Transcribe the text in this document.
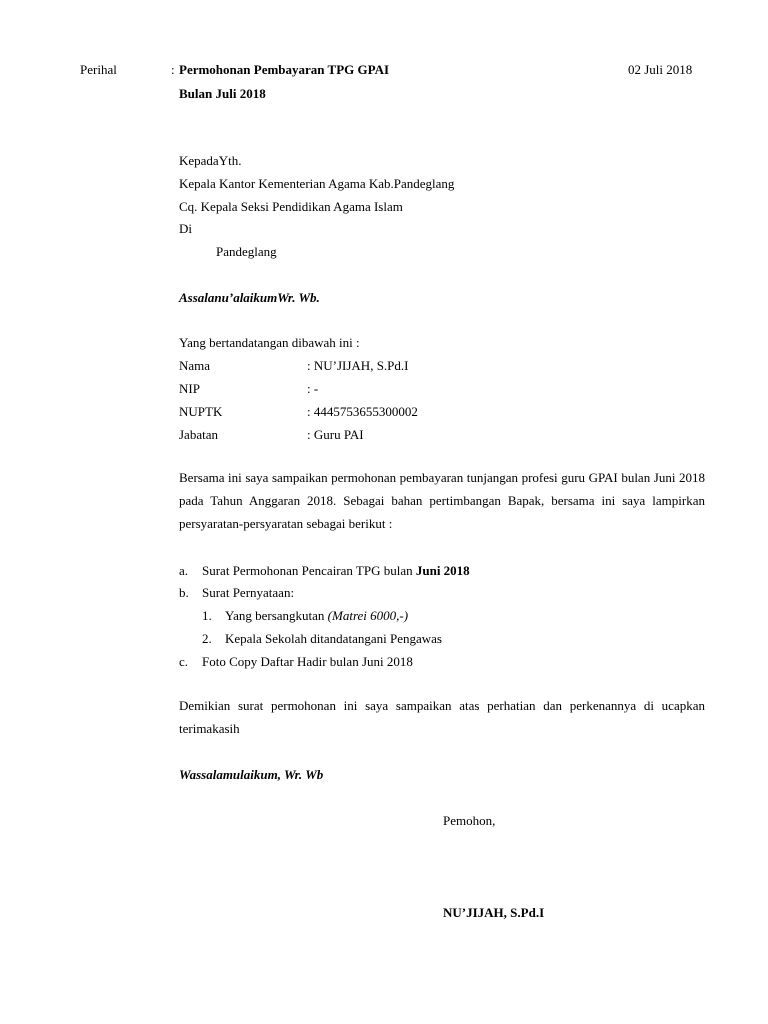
Perihal	: Permohonan Pembayaran TPG GPAI
Bulan Juli 2018
02 Juli 2018
KepadaYth.
Kepala Kantor Kementerian Agama Kab.Pandeglang
Cq. Kepala Seksi Pendidikan Agama Islam
Di
Pandeglang
Assalanu’alaikumWr. Wb.
Yang bertandatangan dibawah ini :
Nama	: NU’JIJAH, S.Pd.I
NIP	: -
NUPTK	: 4445753655300002
Jabatan	: Guru PAI
Bersama ini saya sampaikan permohonan pembayaran tunjangan profesi guru GPAI bulan Juni 2018 pada Tahun Anggaran 2018. Sebagai bahan pertimbangan Bapak, bersama ini saya lampirkan persyaratan-persyaratan sebagai berikut :
a. Surat Permohonan Pencairan TPG bulan Juni 2018
b. Surat Pernyataan:
1. Yang bersangkutan (Matrei 6000,-)
2. Kepala Sekolah ditandatangani Pengawas
c. Foto Copy Daftar Hadir bulan Juni 2018
Demikian surat permohonan ini saya sampaikan atas perhatian dan perkenannya di ucapkan terimakasih
Wassalamulaikum, Wr. Wb
Pemohon,
NU’JIJAH, S.Pd.I
